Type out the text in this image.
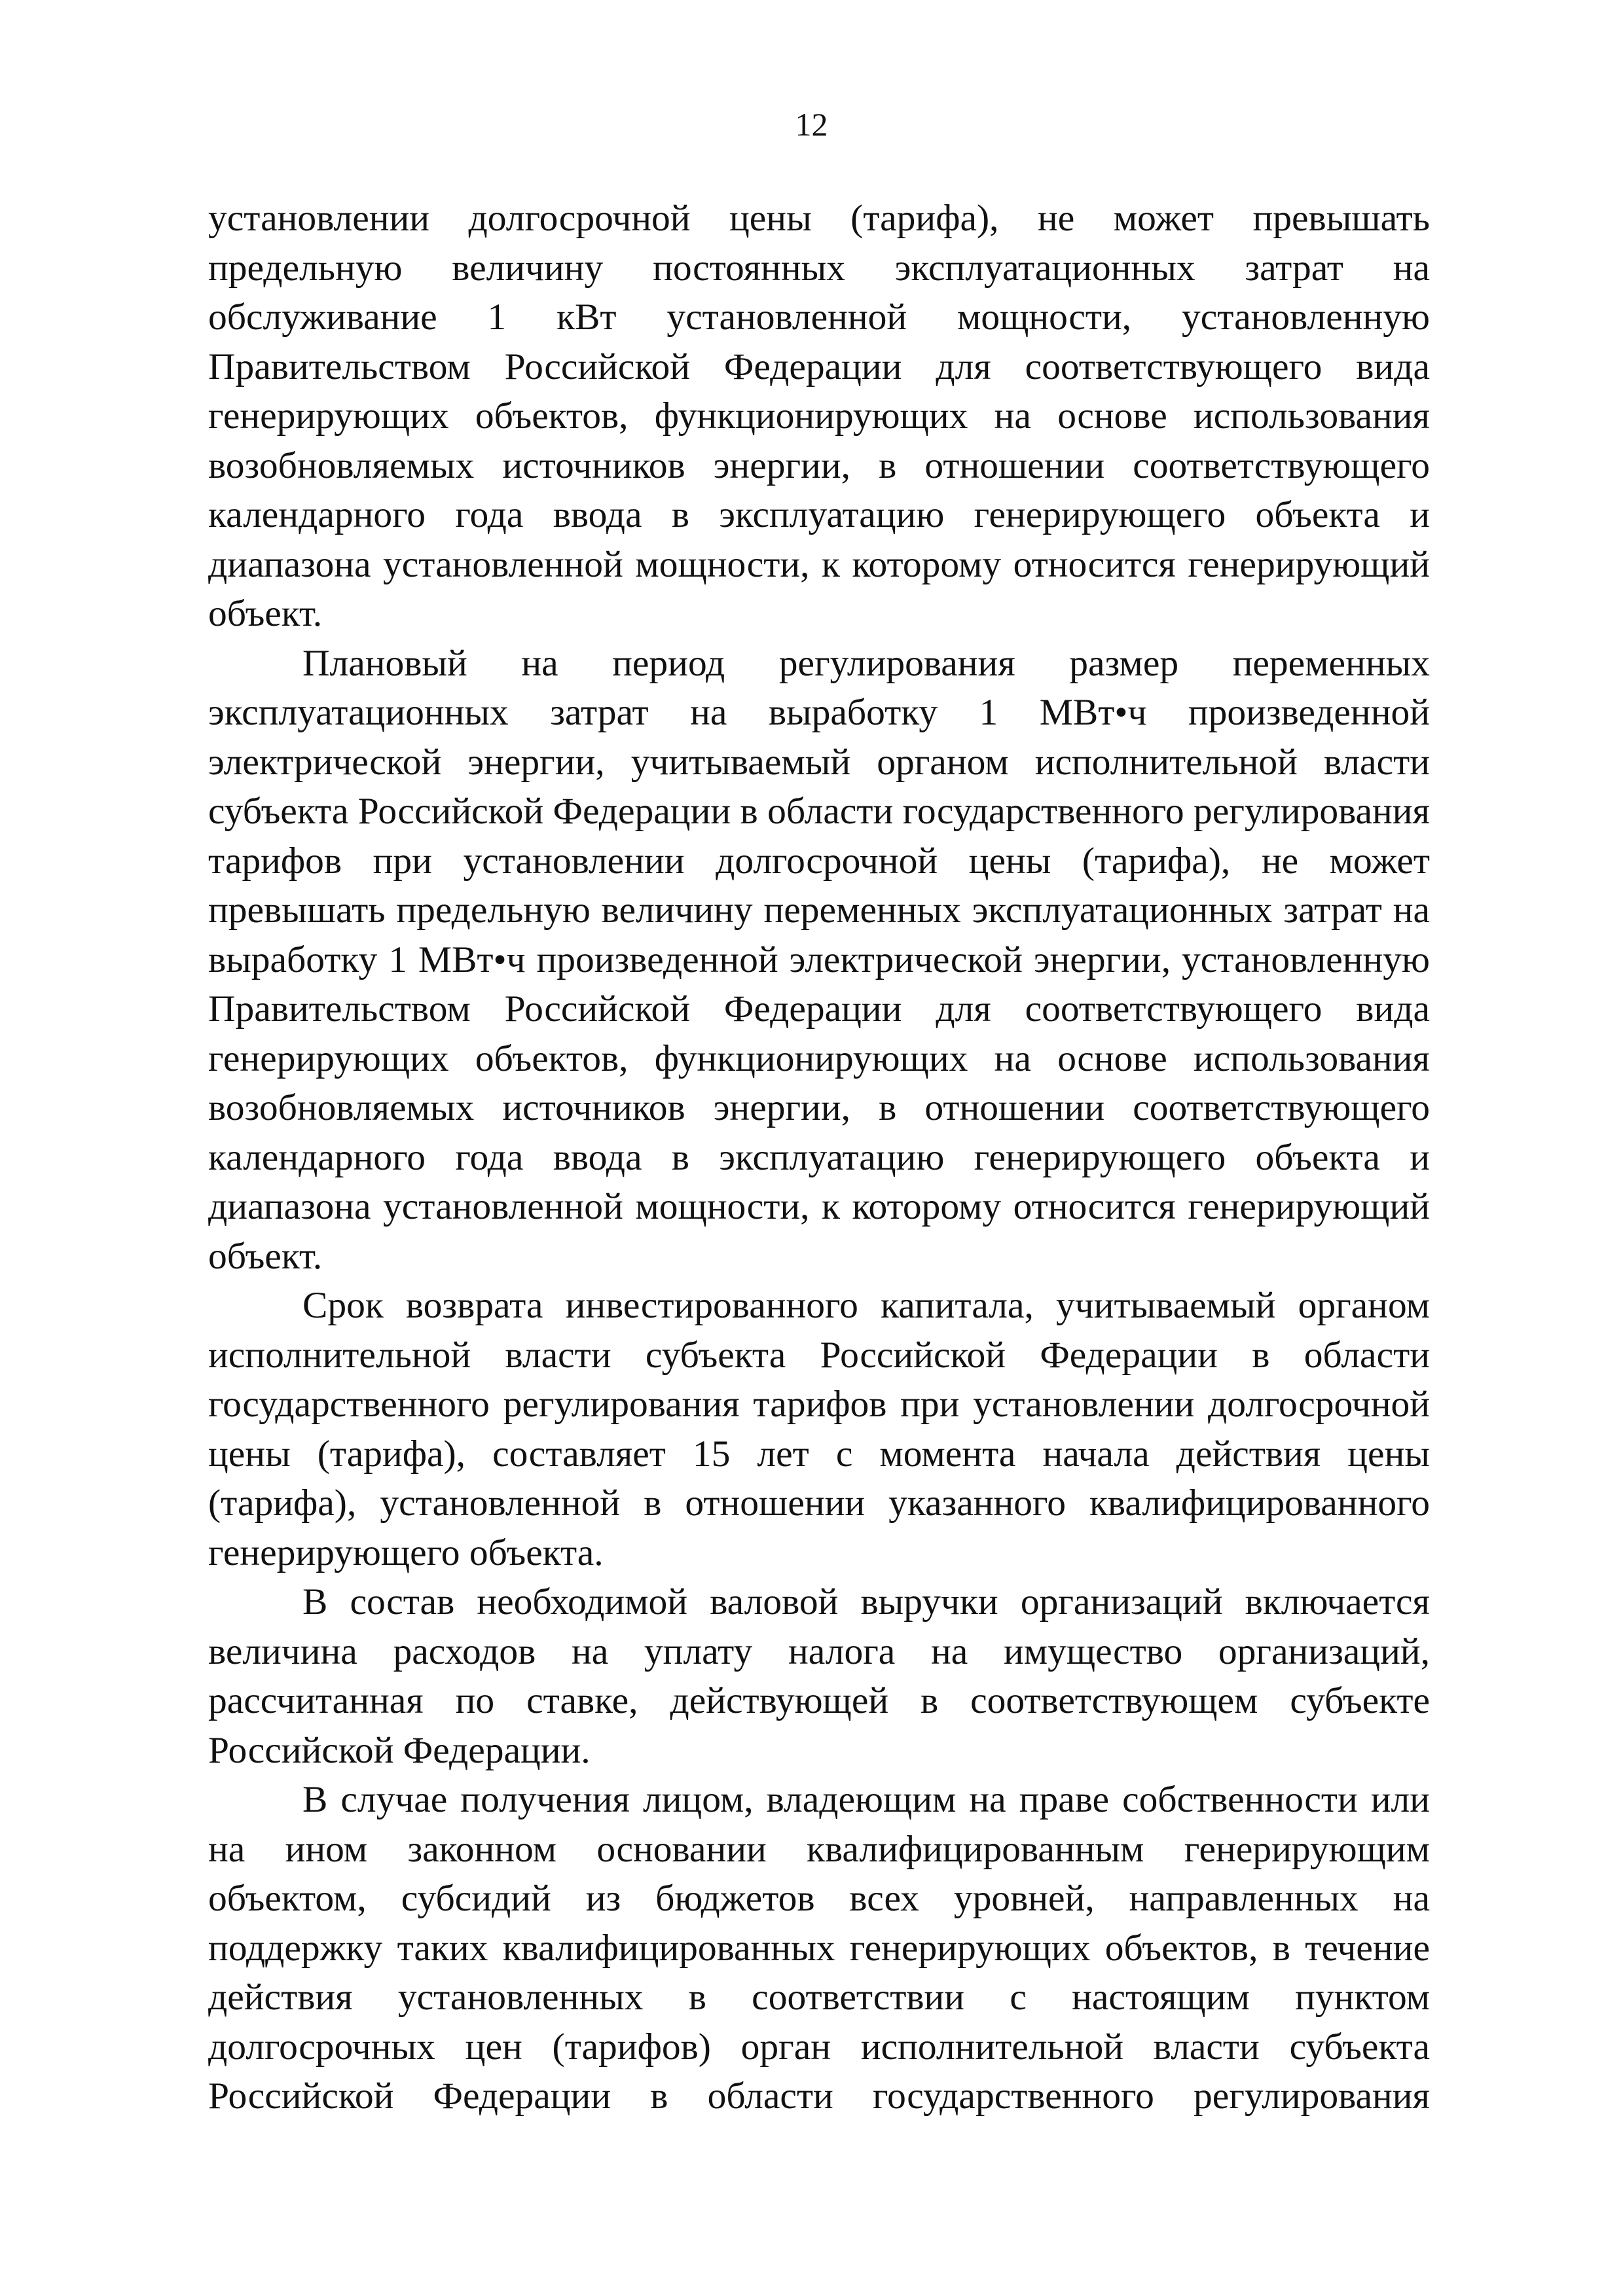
12

установлении долгосрочной цены (тарифа), не может превышать предельную величину постоянных эксплуатационных затрат на обслуживание 1 кВт установленной мощности, установленную Правительством Российской Федерации для соответствующего вида генерирующих объектов, функционирующих на основе использования возобновляемых источников энергии, в отношении соответствующего календарного года ввода в эксплуатацию генерирующего объекта и диапазона установленной мощности, к которому относится генерирующий объект.

Плановый на период регулирования размер переменных эксплуатационных затрат на выработку 1 МВт•ч произведенной электрической энергии, учитываемый органом исполнительной власти субъекта Российской Федерации в области государственного регулирования тарифов при установлении долгосрочной цены (тарифа), не может превышать предельную величину переменных эксплуатационных затрат на выработку 1 МВт•ч произведенной электрической энергии, установленную Правительством Российской Федерации для соответствующего вида генерирующих объектов, функционирующих на основе использования возобновляемых источников энергии, в отношении соответствующего календарного года ввода в эксплуатацию генерирующего объекта и диапазона установленной мощности, к которому относится генерирующий объект.

Срок возврата инвестированного капитала, учитываемый органом исполнительной власти субъекта Российской Федерации в области государственного регулирования тарифов при установлении долгосрочной цены (тарифа), составляет 15 лет с момента начала действия цены (тарифа), установленной в отношении указанного квалифицированного генерирующего объекта.

В состав необходимой валовой выручки организаций включается величина расходов на уплату налога на имущество организаций, рассчитанная по ставке, действующей в соответствующем субъекте Российской Федерации.

В случае получения лицом, владеющим на праве собственности или на ином законном основании квалифицированным генерирующим объектом, субсидий из бюджетов всех уровней, направленных на поддержку таких квалифицированных генерирующих объектов, в течение действия установленных в соответствии с настоящим пунктом долгосрочных цен (тарифов) орган исполнительной власти субъекта Российской Федерации в области государственного регулирования
